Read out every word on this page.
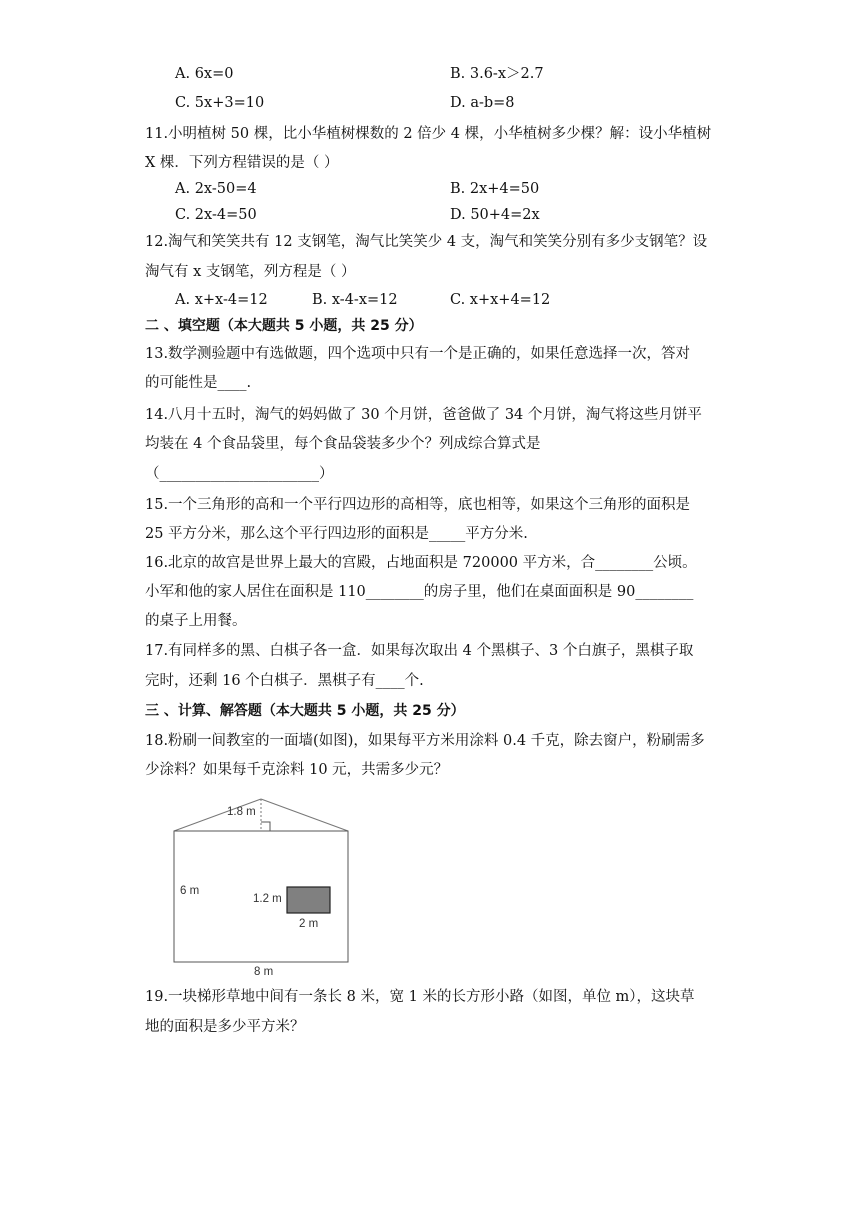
A. 6x=0	B. 3.6-x＞2.7
C. 5x+3=10	D. a-b=8
11.小明植树 50 棵，比小华植树棵数的 2 倍少 4 棵，小华植树多少棵？解：设小华植树
X 棵．下列方程错误的是（ ）
A. 2x-50=4	B. 2x+4=50
C. 2x-4=50	D. 50+4=2x
12.淘气和笑笑共有 12 支钢笔，淘气比笑笑少 4 支，淘气和笑笑分别有多少支钢笔？设
淘气有 x 支钢笔，列方程是（ ）
A. x+x-4=12	B. x-4-x=12	C. x+x+4=12
二 、填空题（本大题共 5 小题，共 25 分）
13.数学测验题中有选做题，四个选项中只有一个是正确的，如果任意选择一次，答对
的可能性是____.
14.八月十五时，淘气的妈妈做了 30 个月饼，爸爸做了 34 个月饼，淘气将这些月饼平
均装在 4 个食品袋里，每个食品袋装多少个？列成综合算式是
（______________________）
15.一个三角形的高和一个平行四边形的高相等，底也相等，如果这个三角形的面积是
25 平方分米，那么这个平行四边形的面积是_____平方分米.
16.北京的故宫是世界上最大的宫殿，占地面积是 720000 平方米，合________公顷。
小军和他的家人居住在面积是 110________的房子里，他们在桌面面积是 90________
的桌子上用餐。
17.有同样多的黑、白棋子各一盒．如果每次取出 4 个黑棋子、3 个白旗子，黑棋子取
完时，还剩 16 个白棋子．黑棋子有____个.
三 、计算、解答题（本大题共 5 小题，共 25 分）
18.粉刷一间教室的一面墙(如图)，如果每平方米用涂料 0.4 千克，除去窗户，粉刷需多
少涂料？如果每千克涂料 10 元，共需多少元？
1.8 m
6 m
1.2 m
2 m
8 m
19.一块梯形草地中间有一条长 8 米，宽 1 米的长方形小路（如图，单位 m），这块草
地的面积是多少平方米？
